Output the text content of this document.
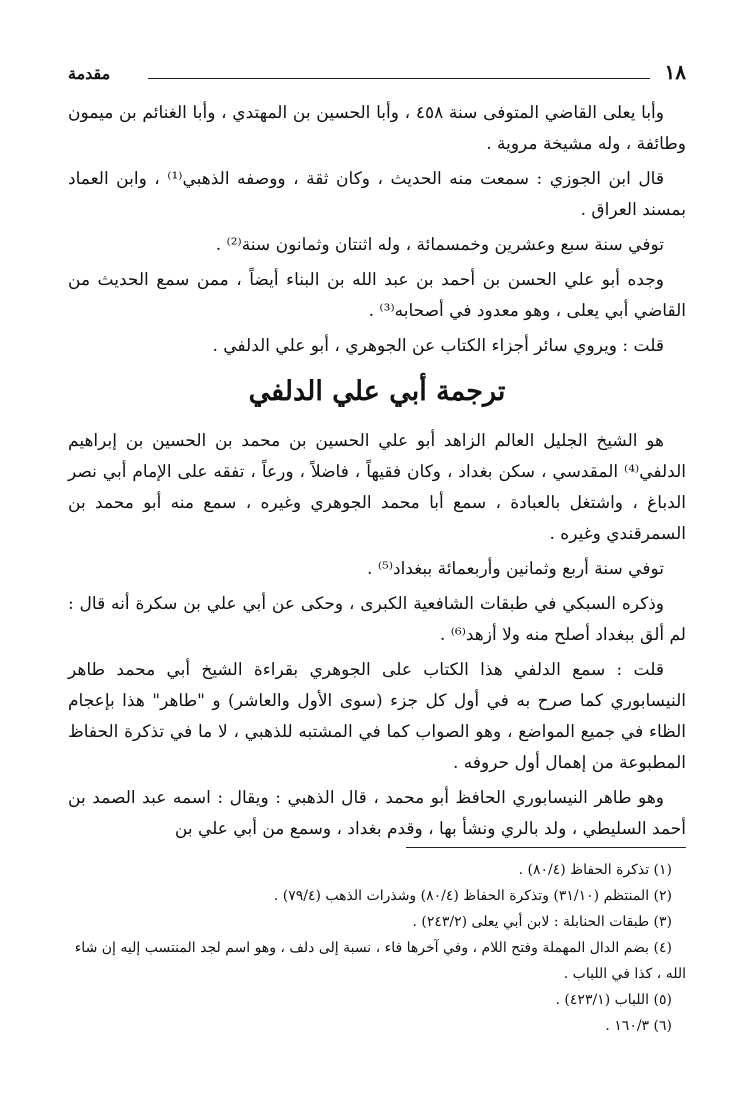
١٨
مقدمة

وأبا يعلى القاضي المتوفى سنة ٤٥٨ ، وأبا الحسين بن المهتدي ، وأبا الغنائم بن ميمون وطائفة ، وله مشيخة مروية .

قال ابن الجوزي : سمعت منه الحديث ، وكان ثقة ، ووصفه الذهبي⁽¹⁾ ، وابن العماد بمسند العراق .

توفي سنة سبع وعشرين وخمسمائة ، وله اثنتان وثمانون سنة⁽²⁾ .

وجده أبو علي الحسن بن أحمد بن عبد الله بن البناء أيضاً ، ممن سمع الحديث من القاضي أبي يعلى ، وهو معدود في أصحابه⁽³⁾ .

قلت : ويروي سائر أجزاء الكتاب عن الجوهري ، أبو علي الدلفي .

ترجمة أبي علي الدلفي

هو الشيخ الجليل العالم الزاهد أبو علي الحسين بن محمد بن الحسين بن إبراهيم الدلفي⁽⁴⁾ المقدسي ، سكن بغداد ، وكان فقيهاً ، فاضلاً ، ورعاً ، تفقه على الإمام أبي نصر الدباغ ، واشتغل بالعبادة ، سمع أبا محمد الجوهري وغيره ، سمع منه أبو محمد بن السمرقندي وغيره .

توفي سنة أربع وثمانين وأربعمائة ببغداد⁽⁵⁾ .

وذكره السبكي في طبقات الشافعية الكبرى ، وحكى عن أبي علي بن سكرة أنه قال : لم ألق ببغداد أصلح منه ولا أزهد⁽⁶⁾ .

قلت : سمع الدلفي هذا الكتاب على الجوهري بقراءة الشيخ أبي محمد طاهر النيسابوري كما صرح به في أول كل جزء (سوى الأول والعاشر) و "طاهر" هذا بإعجام الظاء في جميع المواضع ، وهو الصواب كما في المشتبه للذهبي ، لا ما في تذكرة الحفاظ المطبوعة من إهمال أول حروفه .

وهو طاهر النيسابوري الحافظ أبو محمد ، قال الذهبي : ويقال : اسمه عبد الصمد بن أحمد السليطي ، ولد بالري ونشأ بها ، وقدم بغداد ، وسمع من أبي علي بن

(١) تذكرة الحفاظ (٨٠/٤) .

(٢) المنتظم (٣١/١٠) وتذكرة الحفاظ (٨٠/٤) وشذرات الذهب (٧٩/٤) .

(٣) طبقات الحنابلة : لابن أبي يعلى (٢٤٣/٢) .

(٤) بضم الدال المهملة وفتح اللام ، وفي آخرها فاء ، نسبة إلى دلف ، وهو اسم لجد المنتسب إليه إن شاء الله ، كذا في اللباب .

(٥) اللباب (٤٢٣/١) .

(٦) ١٦٠/٣ .
